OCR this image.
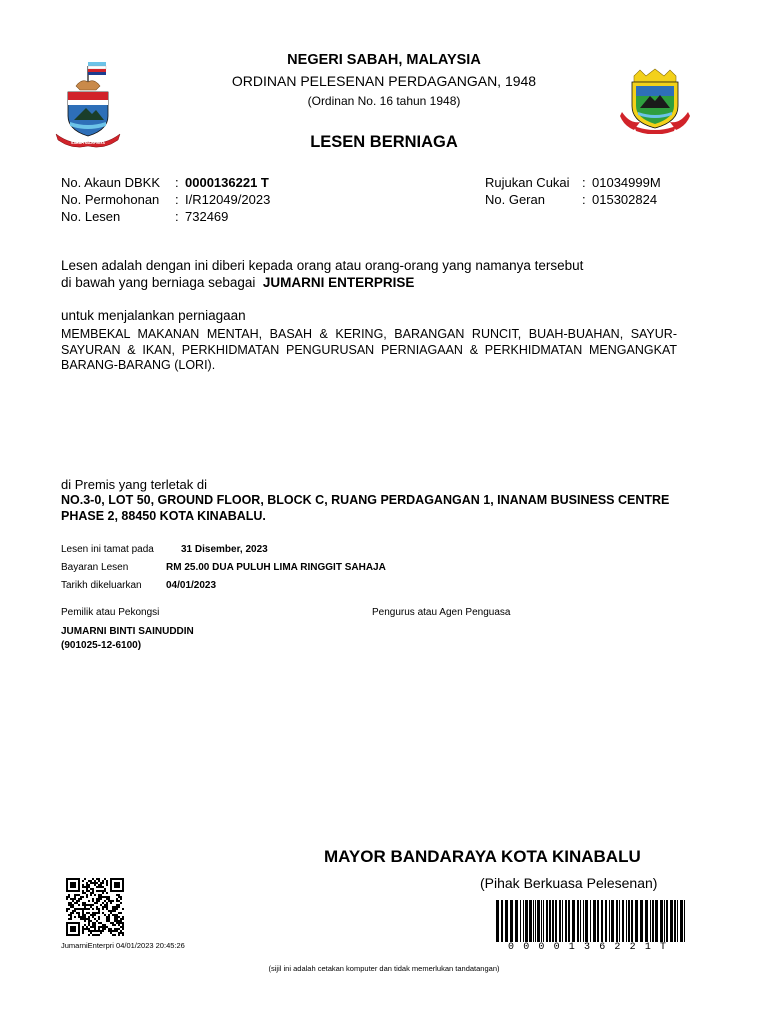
SABAH MAJU JAYA
NEGERI SABAH, MALAYSIA
ORDINAN PELESENAN PERDAGANGAN, 1948
(Ordinan No. 16 tahun 1948)
LESEN BERNIAGA
No. Akaun DBKK : 0000136221 T
No. Permohonan : I/R12049/2023
No. Lesen	: 732469
Rujukan Cukai : 01034999M
No. Geran	: 015302824
Lesen adalah dengan ini diberi kepada orang atau orang-orang yang namanya tersebut
di bawah yang berniaga sebagai JUMARNI ENTERPRISE
untuk menjalankan perniagaan
MEMBEKAL MAKANAN MENTAH, BASAH & KERING, BARANGAN RUNCIT, BUAH-BUAHAN, SAYUR-SAYURAN & IKAN, PERKHIDMATAN PENGURUSAN PERNIAGAAN & PERKHIDMATAN MENGANGKAT BARANG-BARANG (LORI).
di Premis yang terletak di
NO.3-0, LOT 50, GROUND FLOOR, BLOCK C, RUANG PERDAGANGAN 1, INANAM BUSINESS CENTRE PHASE 2, 88450 KOTA KINABALU.
Lesen ini tamat pada	31 Disember, 2023
Bayaran Lesen	RM 25.00 DUA PULUH LIMA RINGGIT SAHAJA
Tarikh dikeluarkan 04/01/2023
Pemilik atau Pekongsi	Pengurus atau Agen Penguasa
JUMARNI BINTI SAINUDDIN
(901025-12-6100)
MAYOR BANDARAYA KOTA KINABALU
(Pihak Berkuasa Pelesenan)
JumarniEnterpri 04/01/2023 20:45:26	0 0 0 0 1 3 6 2 2 1 T
(sijil ini adalah cetakan komputer dan tidak memerlukan tandatangan)
